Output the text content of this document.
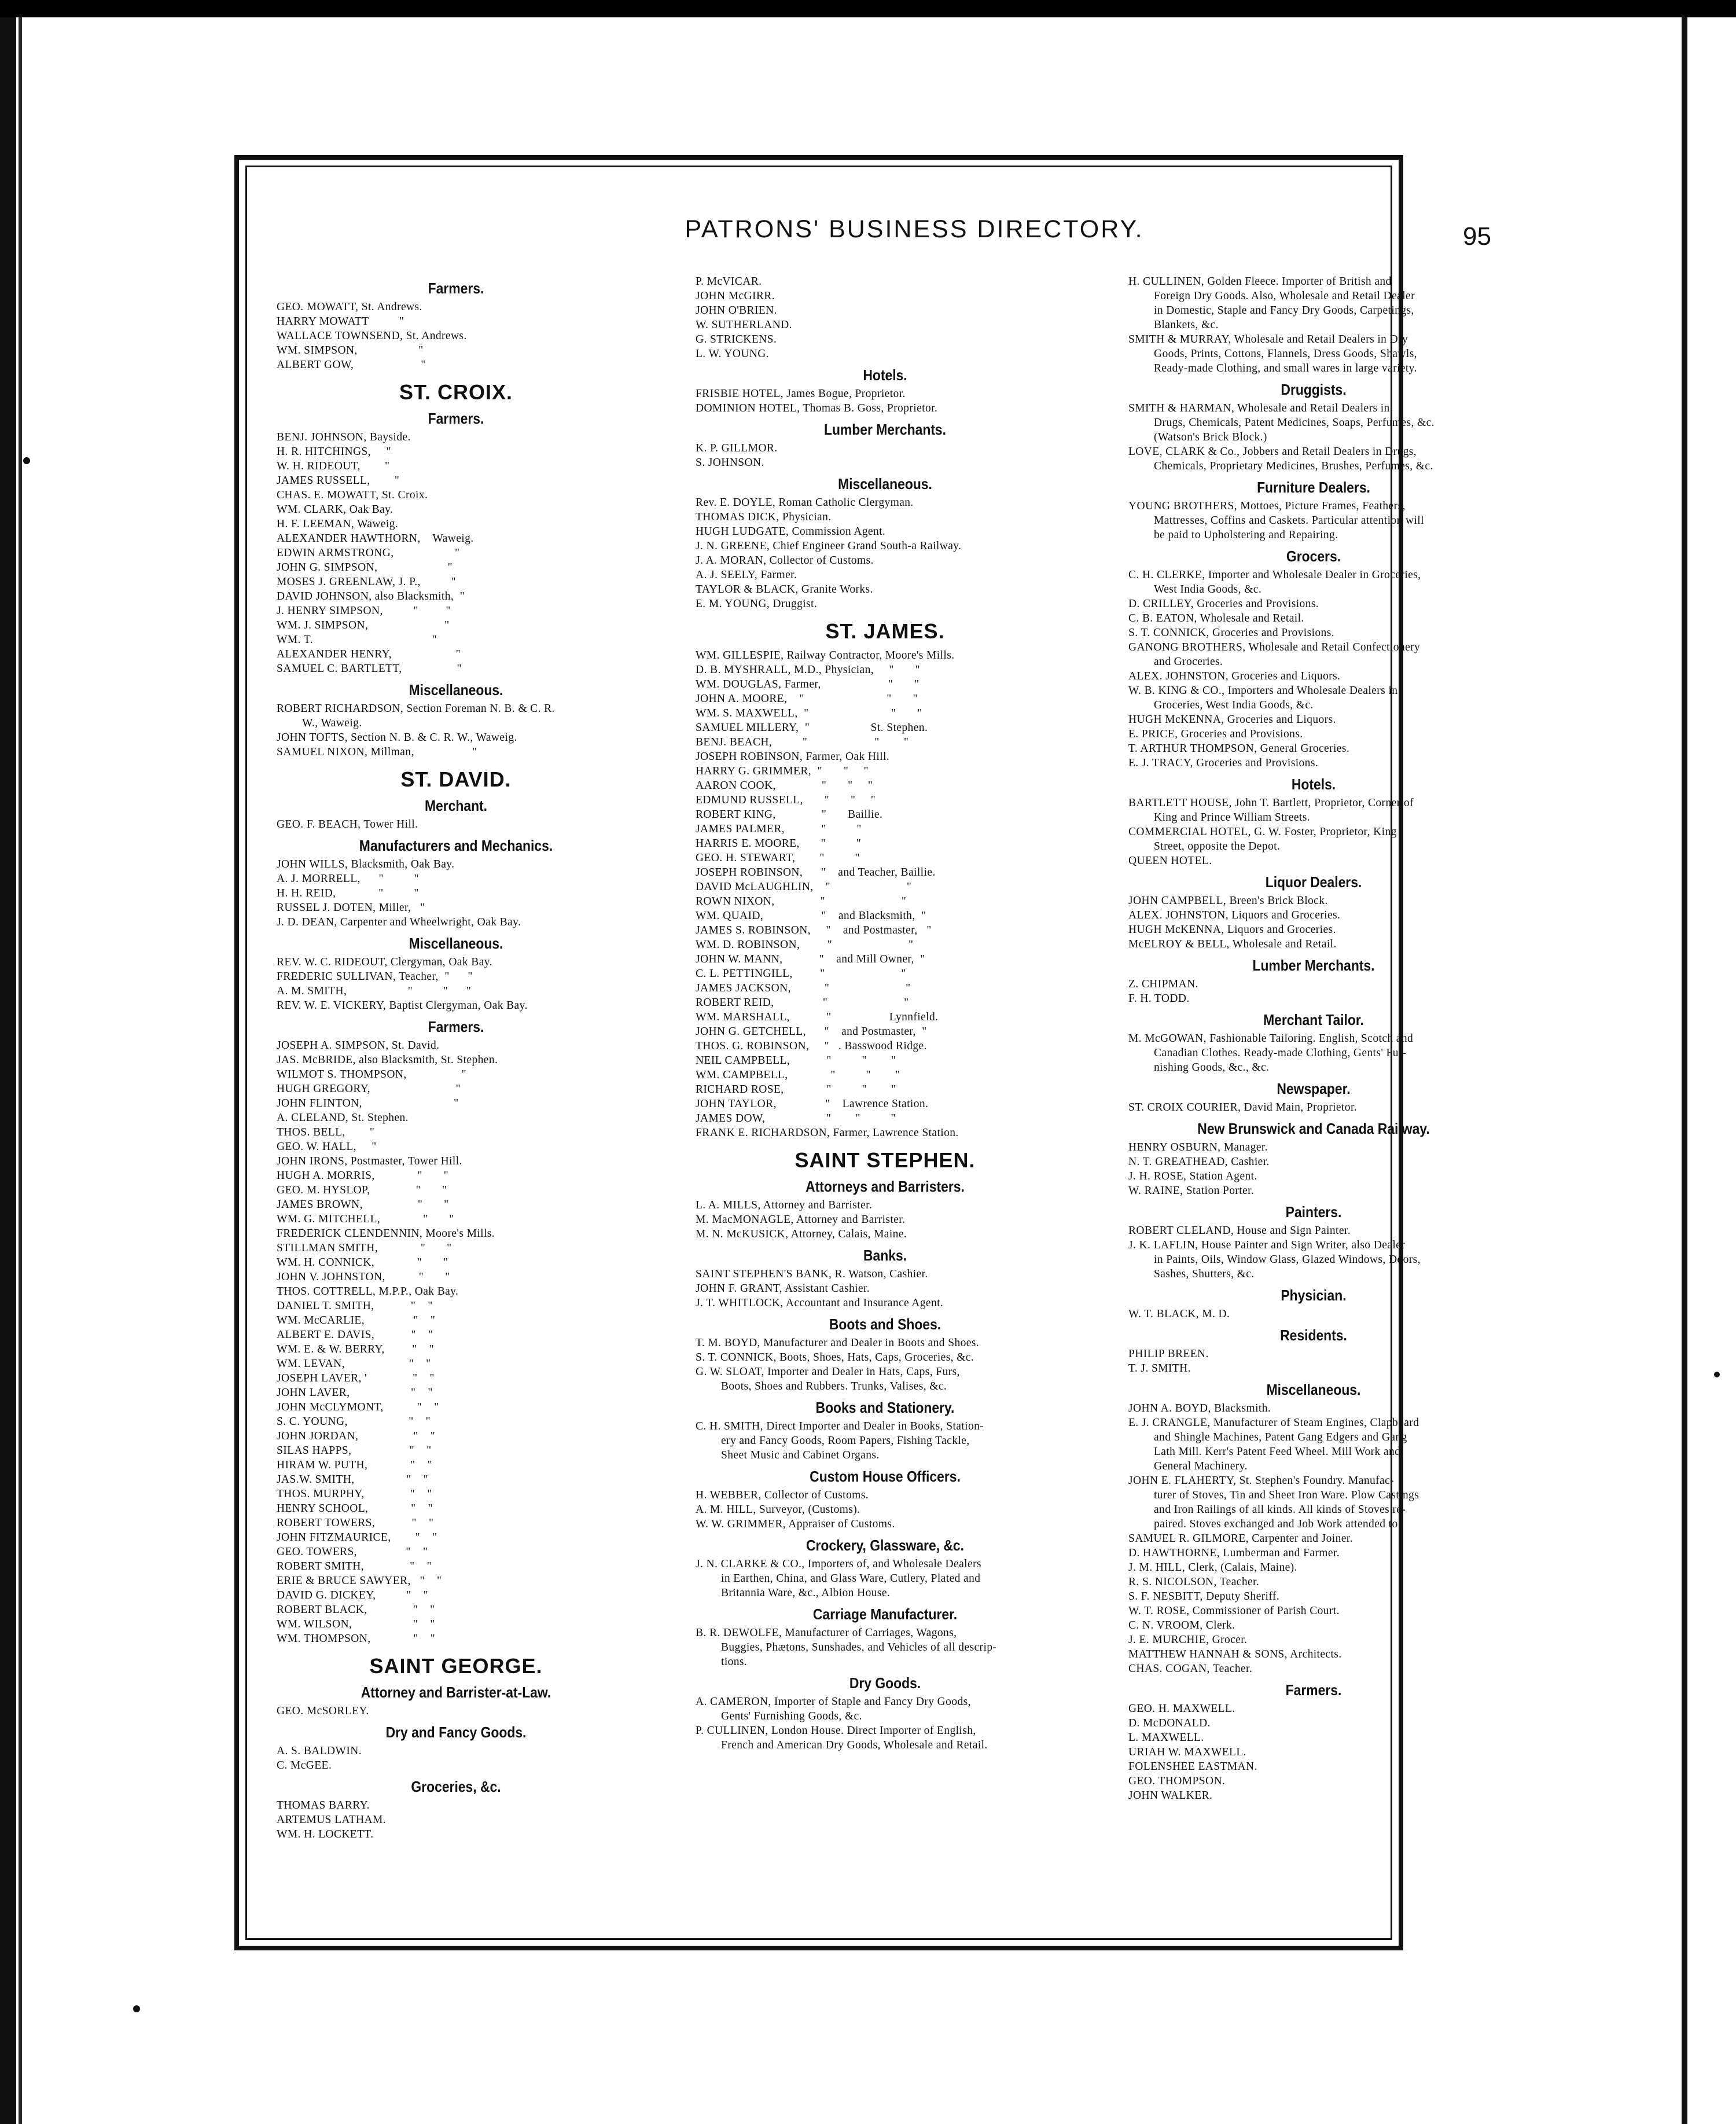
PATRONS' BUSINESS DIRECTORY.	95
Farmers.
GEO. MOWATT, St. Andrews.
HARRY MOWATT          "
WALLACE TOWNSEND, St. Andrews.
WM. SIMPSON,                    "
ALBERT GOW,                      "
ST. CROIX.
Farmers.
BENJ. JOHNSON, Bayside.
H. R. HITCHINGS,     "
W. H. RIDEOUT,        "
JAMES RUSSELL,        "
CHAS. E. MOWATT, St. Croix.
WM. CLARK, Oak Bay.
H. F. LEEMAN, Waweig.
ALEXANDER HAWTHORN,    Waweig.
EDWIN ARMSTRONG,                    "
JOHN G. SIMPSON,                       "
MOSES J. GREENLAW, J. P.,          "
DAVID JOHNSON, also Blacksmith,  "
J. HENRY SIMPSON,          "         "
WM. J. SIMPSON,                         "
WM. T.                                       "
ALEXANDER HENRY,                     "
SAMUEL C. BARTLETT,                  "
Miscellaneous.
ROBERT RICHARDSON, Section Foreman N. B. & C. R.
W., Waweig.
JOHN TOFTS, Section N. B. & C. R. W., Waweig.
SAMUEL NIXON, Millman,                   "
ST. DAVID.
Merchant.
GEO. F. BEACH, Tower Hill.
Manufacturers and Mechanics.
JOHN WILLS, Blacksmith, Oak Bay.
A. J. MORRELL,      "          "
H. H. REID,              "          "
RUSSEL J. DOTEN, Miller,   "
J. D. DEAN, Carpenter and Wheelwright, Oak Bay.
Miscellaneous.
REV. W. C. RIDEOUT, Clergyman, Oak Bay.
FREDERIC SULLIVAN, Teacher,  "      "
A. M. SMITH,                    "          "      "
REV. W. E. VICKERY, Baptist Clergyman, Oak Bay.
Farmers.
JOSEPH A. SIMPSON, St. David.
JAS. McBRIDE, also Blacksmith, St. Stephen.
WILMOT S. THOMPSON,                  "
HUGH GREGORY,                            "
JOHN FLINTON,                              "
A. CLELAND, St. Stephen.
THOS. BELL,        "
GEO. W. HALL,     "
JOHN IRONS, Postmaster, Tower Hill.
HUGH A. MORRIS,              "       "
GEO. M. HYSLOP,               "       "
JAMES BROWN,                  "       "
WM. G. MITCHELL,              "       "
FREDERICK CLENDENNIN, Moore's Mills.
STILLMAN SMITH,              "       "
WM. H. CONNICK,              "       "
JOHN V. JOHNSTON,           "       "
THOS. COTTRELL, M.P.P., Oak Bay.
DANIEL T. SMITH,            "    "
WM. McCARLIE,                "    "
ALBERT E. DAVIS,            "    "
WM. E. & W. BERRY,         "    "
WM. LEVAN,                     "    "
JOSEPH LAVER, '               "    "
JOHN LAVER,                    "    "
JOHN McCLYMONT,           "    "
S. C. YOUNG,                    "    "
JOHN JORDAN,                  "    "
SILAS HAPPS,                   "    "
HIRAM W. PUTH,              "    "
JAS.W. SMITH,                 "    "
THOS. MURPHY,               "    "
HENRY SCHOOL,              "    "
ROBERT TOWERS,            "    "
JOHN FITZMAURICE,        "    "
GEO. TOWERS,                "    "
ROBERT SMITH,               "    "
ERIE & BRUCE SAWYER,   "    "
DAVID G. DICKEY,          "    "
ROBERT BLACK,               "    "
WM. WILSON,                    "    "
WM. THOMPSON,              "    "
SAINT GEORGE.
Attorney and Barrister-at-Law.
GEO. McSORLEY.
Dry and Fancy Goods.
A. S. BALDWIN.
C. McGEE.
Groceries, &c.
THOMAS BARRY.
ARTEMUS LATHAM.
WM. H. LOCKETT.
P. McVICAR.
JOHN McGIRR.
JOHN O'BRIEN.
W. SUTHERLAND.
G. STRICKENS.
L. W. YOUNG.
Hotels.
FRISBIE HOTEL, James Bogue, Proprietor.
DOMINION HOTEL, Thomas B. Goss, Proprietor.
Lumber Merchants.
K. P. GILLMOR.
S. JOHNSON.
Miscellaneous.
Rev. E. DOYLE, Roman Catholic Clergyman.
THOMAS DICK, Physician.
HUGH LUDGATE, Commission Agent.
J. N. GREENE, Chief Engineer Grand South-a Railway.
J. A. MORAN, Collector of Customs.
A. J. SEELY, Farmer.
TAYLOR & BLACK, Granite Works.
E. M. YOUNG, Druggist.
ST. JAMES.
WM. GILLESPIE, Railway Contractor, Moore's Mills.
D. B. MYSHRALL, M.D., Physician,     "       "
WM. DOUGLAS, Farmer,                      "       "
JOHN A. MOORE,    "                           "       "
WM. S. MAXWELL,  "                           "       "
SAMUEL MILLERY,  "                    St. Stephen.
BENJ. BEACH,          "                      "        "
JOSEPH ROBINSON, Farmer, Oak Hill.
HARRY G. GRIMMER,  "       "     "
AARON COOK,               "       "     "
EDMUND RUSSELL,       "       "     "
ROBERT KING,               "       Baillie.
JAMES PALMER,            "          "
HARRIS E. MOORE,       "          "
GEO. H. STEWART,        "          "
JOSEPH ROBINSON,      "    and Teacher, Baillie.
DAVID McLAUGHLIN,    "                         "
ROWN NIXON,               "                         "
WM. QUAID,                   "    and Blacksmith,  "
JAMES S. ROBINSON,     "    and Postmaster,   "
WM. D. ROBINSON,         "                         "
JOHN W. MANN,            "    and Mill Owner,  "
C. L. PETTINGILL,         "                         "
JAMES JACKSON,           "                         "
ROBERT REID,                "                         "
WM. MARSHALL,            "                   Lynnfield.
JOHN G. GETCHELL,      "    and Postmaster,  "
THOS. G. ROBINSON,     "   . Basswood Ridge.
NEIL CAMPBELL,            "          "        "
WM. CAMPBELL,              "          "        "
RICHARD ROSE,              "          "        "
JOHN TAYLOR,                "    Lawrence Station.
JAMES DOW,                    "        "          "
FRANK E. RICHARDSON, Farmer, Lawrence Station.
SAINT STEPHEN.
Attorneys and Barristers.
L. A. MILLS, Attorney and Barrister.
M. MacMONAGLE, Attorney and Barrister.
M. N. McKUSICK, Attorney, Calais, Maine.
Banks.
SAINT STEPHEN'S BANK, R. Watson, Cashier.
JOHN F. GRANT, Assistant Cashier.
J. T. WHITLOCK, Accountant and Insurance Agent.
Boots and Shoes.
T. M. BOYD, Manufacturer and Dealer in Boots and Shoes.
S. T. CONNICK, Boots, Shoes, Hats, Caps, Groceries, &c.
G. W. SLOAT, Importer and Dealer in Hats, Caps, Furs,
Boots, Shoes and Rubbers. Trunks, Valises, &c.
Books and Stationery.
C. H. SMITH, Direct Importer and Dealer in Books, Station-
ery and Fancy Goods, Room Papers, Fishing Tackle,
Sheet Music and Cabinet Organs.
Custom House Officers.
H. WEBBER, Collector of Customs.
A. M. HILL, Surveyor, (Customs).
W. W. GRIMMER, Appraiser of Customs.
Crockery, Glassware, &c.
J. N. CLARKE & CO., Importers of, and Wholesale Dealers
in Earthen, China, and Glass Ware, Cutlery, Plated and
Britannia Ware, &c., Albion House.
Carriage Manufacturer.
B. R. DEWOLFE, Manufacturer of Carriages, Wagons,
Buggies, Phætons, Sunshades, and Vehicles of all descrip-
tions.
Dry Goods.
A. CAMERON, Importer of Staple and Fancy Dry Goods,
Gents' Furnishing Goods, &c.
P. CULLINEN, London House. Direct Importer of English,
French and American Dry Goods, Wholesale and Retail.
H. CULLINEN, Golden Fleece. Importer of British and
Foreign Dry Goods. Also, Wholesale and Retail Dealer
in Domestic, Staple and Fancy Dry Goods, Carpetings,
Blankets, &c.
SMITH & MURRAY, Wholesale and Retail Dealers in Dry
Goods, Prints, Cottons, Flannels, Dress Goods, Shawls,
Ready-made Clothing, and small wares in large variety.
Druggists.
SMITH & HARMAN, Wholesale and Retail Dealers in
Drugs, Chemicals, Patent Medicines, Soaps, Perfumes, &c.
(Watson's Brick Block.)
LOVE, CLARK & Co., Jobbers and Retail Dealers in Drugs,
Chemicals, Proprietary Medicines, Brushes, Perfumes, &c.
Furniture Dealers.
YOUNG BROTHERS, Mottoes, Picture Frames, Feathers,
Mattresses, Coffins and Caskets. Particular attention will
be paid to Upholstering and Repairing.
Grocers.
C. H. CLERKE, Importer and Wholesale Dealer in Groceries,
West India Goods, &c.
D. CRILLEY, Groceries and Provisions.
C. B. EATON, Wholesale and Retail.
S. T. CONNICK, Groceries and Provisions.
GANONG BROTHERS, Wholesale and Retail Confectionery
and Groceries.
ALEX. JOHNSTON, Groceries and Liquors.
W. B. KING & CO., Importers and Wholesale Dealers in
Groceries, West India Goods, &c.
HUGH McKENNA, Groceries and Liquors.
E. PRICE, Groceries and Provisions.
T. ARTHUR THOMPSON, General Groceries.
E. J. TRACY, Groceries and Provisions.
Hotels.
BARTLETT HOUSE, John T. Bartlett, Proprietor, Corner of
King and Prince William Streets.
COMMERCIAL HOTEL, G. W. Foster, Proprietor, King
Street, opposite the Depot.
QUEEN HOTEL.
Liquor Dealers.
JOHN CAMPBELL, Breen's Brick Block.
ALEX. JOHNSTON, Liquors and Groceries.
HUGH McKENNA, Liquors and Groceries.
McELROY & BELL, Wholesale and Retail.
Lumber Merchants.
Z. CHIPMAN.
F. H. TODD.
Merchant Tailor.
M. McGOWAN, Fashionable Tailoring. English, Scotch and
Canadian Clothes. Ready-made Clothing, Gents' Fur-
nishing Goods, &c., &c.
Newspaper.
ST. CROIX COURIER, David Main, Proprietor.
New Brunswick and Canada Railway.
HENRY OSBURN, Manager.
N. T. GREATHEAD, Cashier.
J. H. ROSE, Station Agent.
W. RAINE, Station Porter.
Painters.
ROBERT CLELAND, House and Sign Painter.
J. K. LAFLIN, House Painter and Sign Writer, also Dealer
in Paints, Oils, Window Glass, Glazed Windows, Doors,
Sashes, Shutters, &c.
Physician.
W. T. BLACK, M. D.
Residents.
PHILIP BREEN.
T. J. SMITH.
Miscellaneous.
JOHN A. BOYD, Blacksmith.
E. J. CRANGLE, Manufacturer of Steam Engines, Clapboard
and Shingle Machines, Patent Gang Edgers and Gang
Lath Mill. Kerr's Patent Feed Wheel. Mill Work and
General Machinery.
JOHN E. FLAHERTY, St. Stephen's Foundry. Manufac-
turer of Stoves, Tin and Sheet Iron Ware. Plow Castings
and Iron Railings of all kinds. All kinds of Stoves re-
paired. Stoves exchanged and Job Work attended to.
SAMUEL R. GILMORE, Carpenter and Joiner.
D. HAWTHORNE, Lumberman and Farmer.
J. M. HILL, Clerk, (Calais, Maine).
R. S. NICOLSON, Teacher.
S. F. NESBITT, Deputy Sheriff.
W. T. ROSE, Commissioner of Parish Court.
C. N. VROOM, Clerk.
J. E. MURCHIE, Grocer.
MATTHEW HANNAH & SONS, Architects.
CHAS. COGAN, Teacher.
Farmers.
GEO. H. MAXWELL.
D. McDONALD.
L. MAXWELL.
URIAH W. MAXWELL.
FOLENSHEE EASTMAN.
GEO. THOMPSON.
JOHN WALKER.
